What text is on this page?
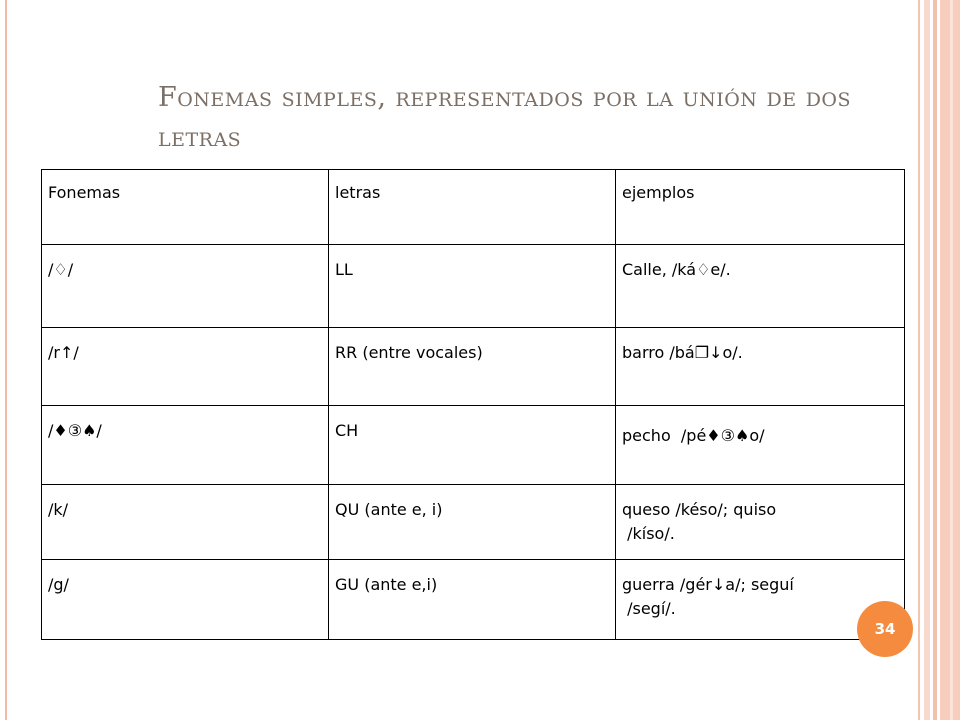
Fonemas simples, representados por la unión de dos letras
Fonemas	letras	ejemplos
/♢/	LL	Calle, /ká♢e/.
/r↑/	RR (entre vocales)	barro /bá❐↓o/.
/♦③♠/	CH	pecho  /pé♦③♠o/

/k/	QU (ante e, i)	queso /késo/; quiso
/kíso/.
/g/	GU (ante e,i)	guerra /gér↓a/; seguí
/segí/.
34
